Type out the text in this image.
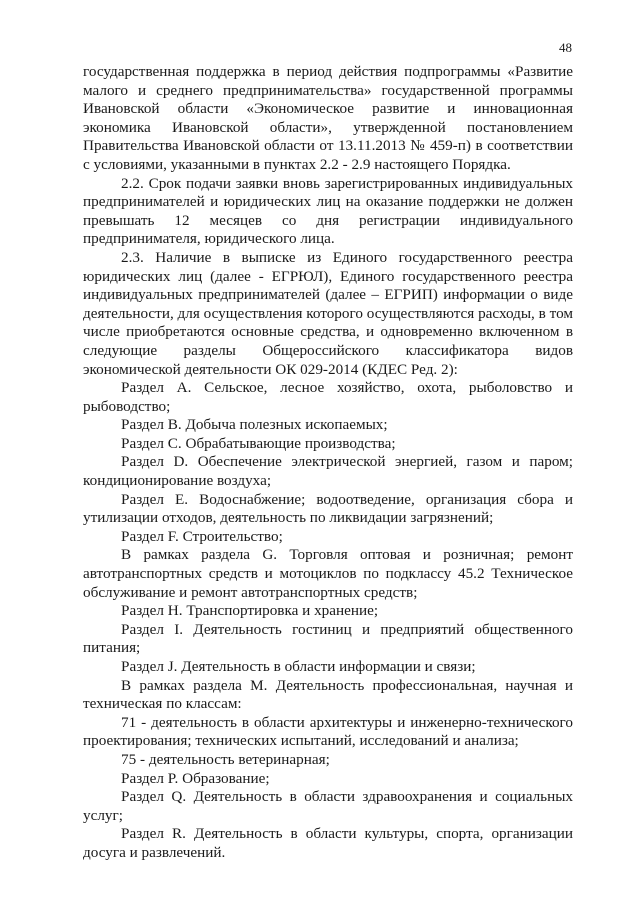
48

государственная поддержка в период действия подпрограммы «Развитие малого и среднего предпринимательства» государственной программы Ивановской области «Экономическое развитие и инновационная экономика Ивановской области», утвержденной постановлением Правительства Ивановской области от 13.11.2013 № 459-п) в соответствии с условиями, указанными в пунктах 2.2 - 2.9 настоящего Порядка.

2.2. Срок подачи заявки вновь зарегистрированных индивидуальных предпринимателей и юридических лиц на оказание поддержки не должен превышать 12 месяцев со дня регистрации индивидуального предпринимателя, юридического лица.

2.3. Наличие в выписке из Единого государственного реестра юридических лиц (далее - ЕГРЮЛ), Единого государственного реестра индивидуальных предпринимателей (далее – ЕГРИП) информации о виде деятельности, для осуществления которого осуществляются расходы, в том числе приобретаются основные средства, и одновременно включенном в следующие разделы Общероссийского классификатора видов экономической деятельности ОК 029-2014 (КДЕС Ред. 2):

Раздел A. Сельское, лесное хозяйство, охота, рыболовство и рыбоводство;

Раздел B. Добыча полезных ископаемых;

Раздел C. Обрабатывающие производства;

Раздел D. Обеспечение электрической энергией, газом и паром; кондиционирование воздуха;

Раздел E. Водоснабжение; водоотведение, организация сбора и утилизации отходов, деятельность по ликвидации загрязнений;

Раздел F. Строительство;

В рамках раздела G. Торговля оптовая и розничная; ремонт автотранспортных средств и мотоциклов по подклассу 45.2 Техническое обслуживание и ремонт автотранспортных средств;

Раздел H. Транспортировка и хранение;

Раздел I. Деятельность гостиниц и предприятий общественного питания;

Раздел J. Деятельность в области информации и связи;

В рамках раздела M. Деятельность профессиональная, научная и техническая по классам:

71 - деятельность в области архитектуры и инженерно-технического проектирования; технических испытаний, исследований и анализа;

75 - деятельность ветеринарная;

Раздел P. Образование;

Раздел Q. Деятельность в области здравоохранения и социальных услуг;

Раздел R. Деятельность в области культуры, спорта, организации досуга и развлечений.
